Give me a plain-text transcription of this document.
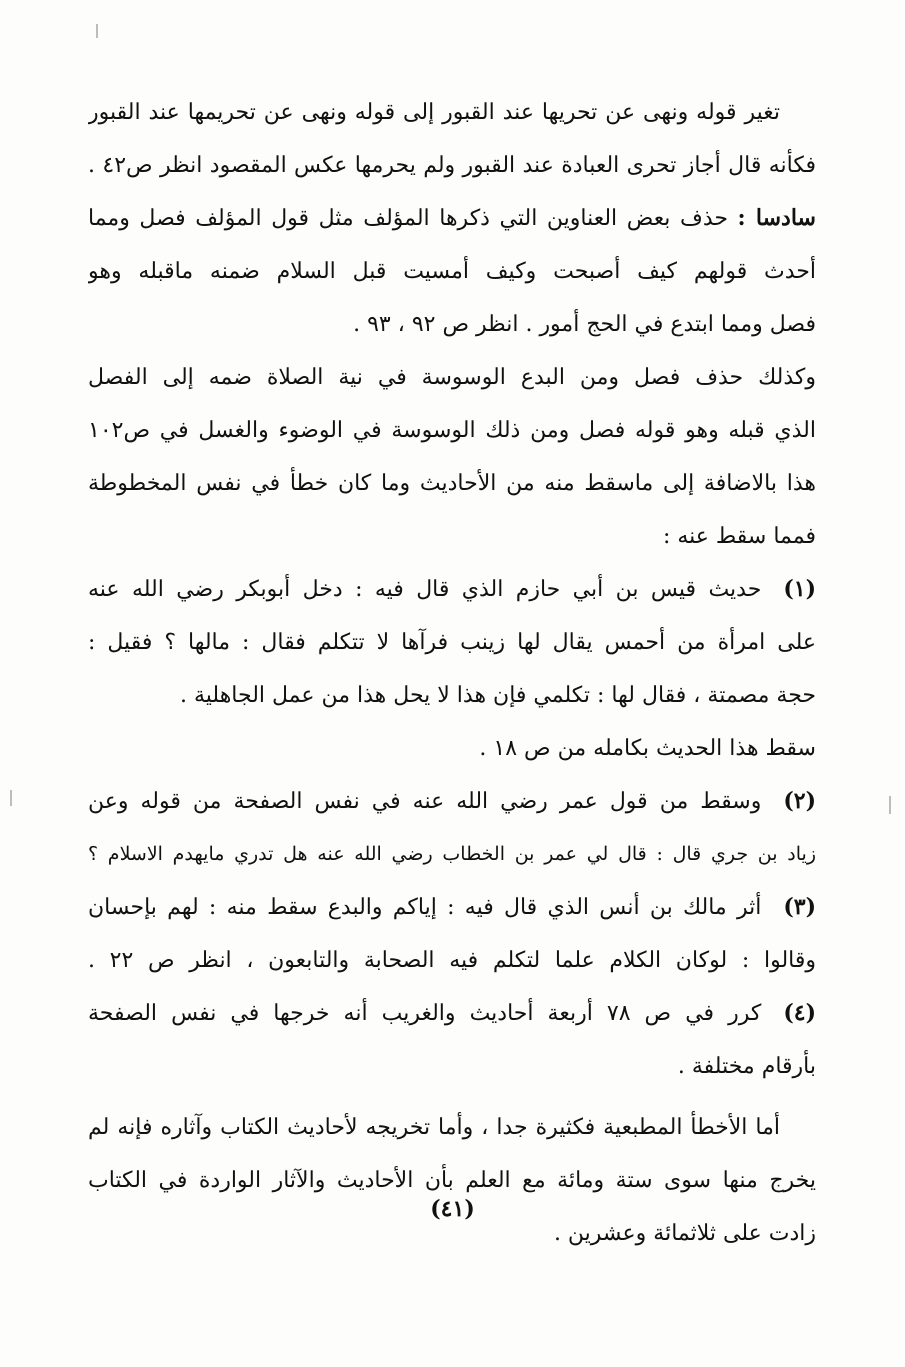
تغير قوله ونهى عن تحريها عند القبور إلى قوله ونهى عن تحريمها عند القبور
فكأنه قال أجاز تحرى العبادة عند القبور ولم يحرمها عكس المقصود انظر ص٤٢ .
سادسا : حذف بعض العناوين التي ذكرها المؤلف مثل قول المؤلف فصل ومما
أحدث قولهم كيف أصبحت وكيف أمسيت قبل السلام ضمنه ماقبله وهو
فصل ومما ابتدع في الحج أمور . انظر ص ٩٢ ، ٩٣ .
وكذلك حذف فصل ومن البدع الوسوسة في نية الصلاة ضمه إلى الفصل
الذي قبله وهو قوله فصل ومن ذلك الوسوسة في الوضوء والغسل في ص١٠٢
هذا بالاضافة إلى ماسقط منه من الأحاديث وما كان خطأ في نفس المخطوطة
فمما سقط عنه :
(١)حديث قيس بن أبي حازم الذي قال فيه : دخل أبوبكر رضي الله عنه
على امرأة من أحمس يقال لها زينب فرآها لا تتكلم فقال : مالها ؟ فقيل :
حجة مصمتة ، فقال لها : تكلمي فإن هذا لا يحل هذا من عمل الجاهلية .
سقط هذا الحديث بكامله من ص ١٨ .
(٢)وسقط من قول عمر رضي الله عنه في نفس الصفحة من قوله وعن
زياد بن جري قال : قال لي عمر بن الخطاب رضي الله عنه هل تدري مايهدم الاسلام ؟
(٣)أثر مالك بن أنس الذي قال فيه : إياكم والبدع سقط منه : لهم بإحسان
وقالوا : لوكان الكلام علما لتكلم فيه الصحابة والتابعون ، انظر ص ٢٢ .
(٤)كرر في ص ٧٨ أربعة أحاديث والغريب أنه خرجها في نفس الصفحة
بأرقام مختلفة .
أما الأخطأ المطبعية فكثيرة جدا ، وأما تخريجه لأحاديث الكتاب وآثاره فإنه لم
يخرج منها سوى ستة ومائة مع العلم بأن الأحاديث والآثار الواردة في الكتاب
زادت على ثلاثمائة وعشرين .
(٤١)
